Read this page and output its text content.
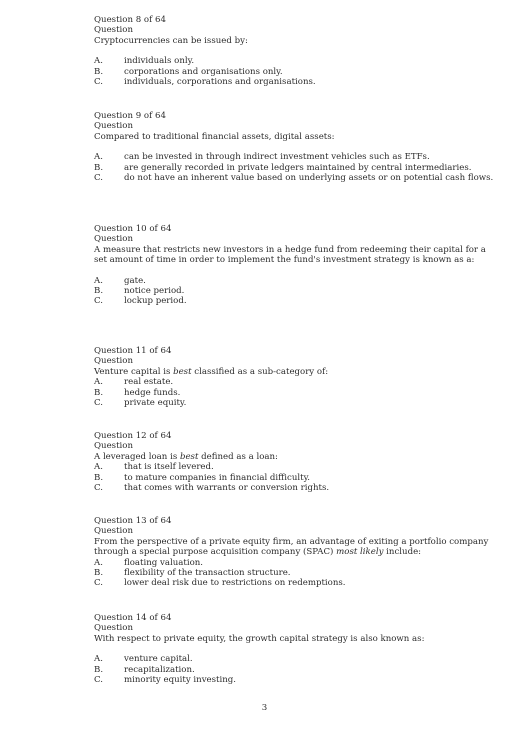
Question 8 of 64
Question
Cryptocurrencies can be issued by:
A.	individuals only.
B.	corporations and organisations only.
C.	individuals, corporations and organisations.
Question 9 of 64
Question
Compared to traditional financial assets, digital assets:
A.	can be invested in through indirect investment vehicles such as ETFs.
B.	are generally recorded in private ledgers maintained by central intermediaries.
C.	do not have an inherent value based on underlying assets or on potential cash flows.
Question 10 of 64
Question
A measure that restricts new investors in a hedge fund from redeeming their capital for a
set amount of time in order to implement the fund's investment strategy is known as a:
A.	gate.
B.	notice period.
C.	lockup period.
Question 11 of 64
Question
Venture capital is best classified as a sub-category of:
A.	real estate.
B.	hedge funds.
C.	private equity.
Question 12 of 64
Question
A leveraged loan is best defined as a loan:
A.	that is itself levered.
B.	to mature companies in financial difficulty.
C.	that comes with warrants or conversion rights.
Question 13 of 64
Question
From the perspective of a private equity firm, an advantage of exiting a portfolio company
through a special purpose acquisition company (SPAC) most likely include:
A.	floating valuation.
B.	flexibility of the transaction structure.
C.	lower deal risk due to restrictions on redemptions.
Question 14 of 64
Question
With respect to private equity, the growth capital strategy is also known as:
A.	venture capital.
B.	recapitalization.
C.	minority equity investing.
3
